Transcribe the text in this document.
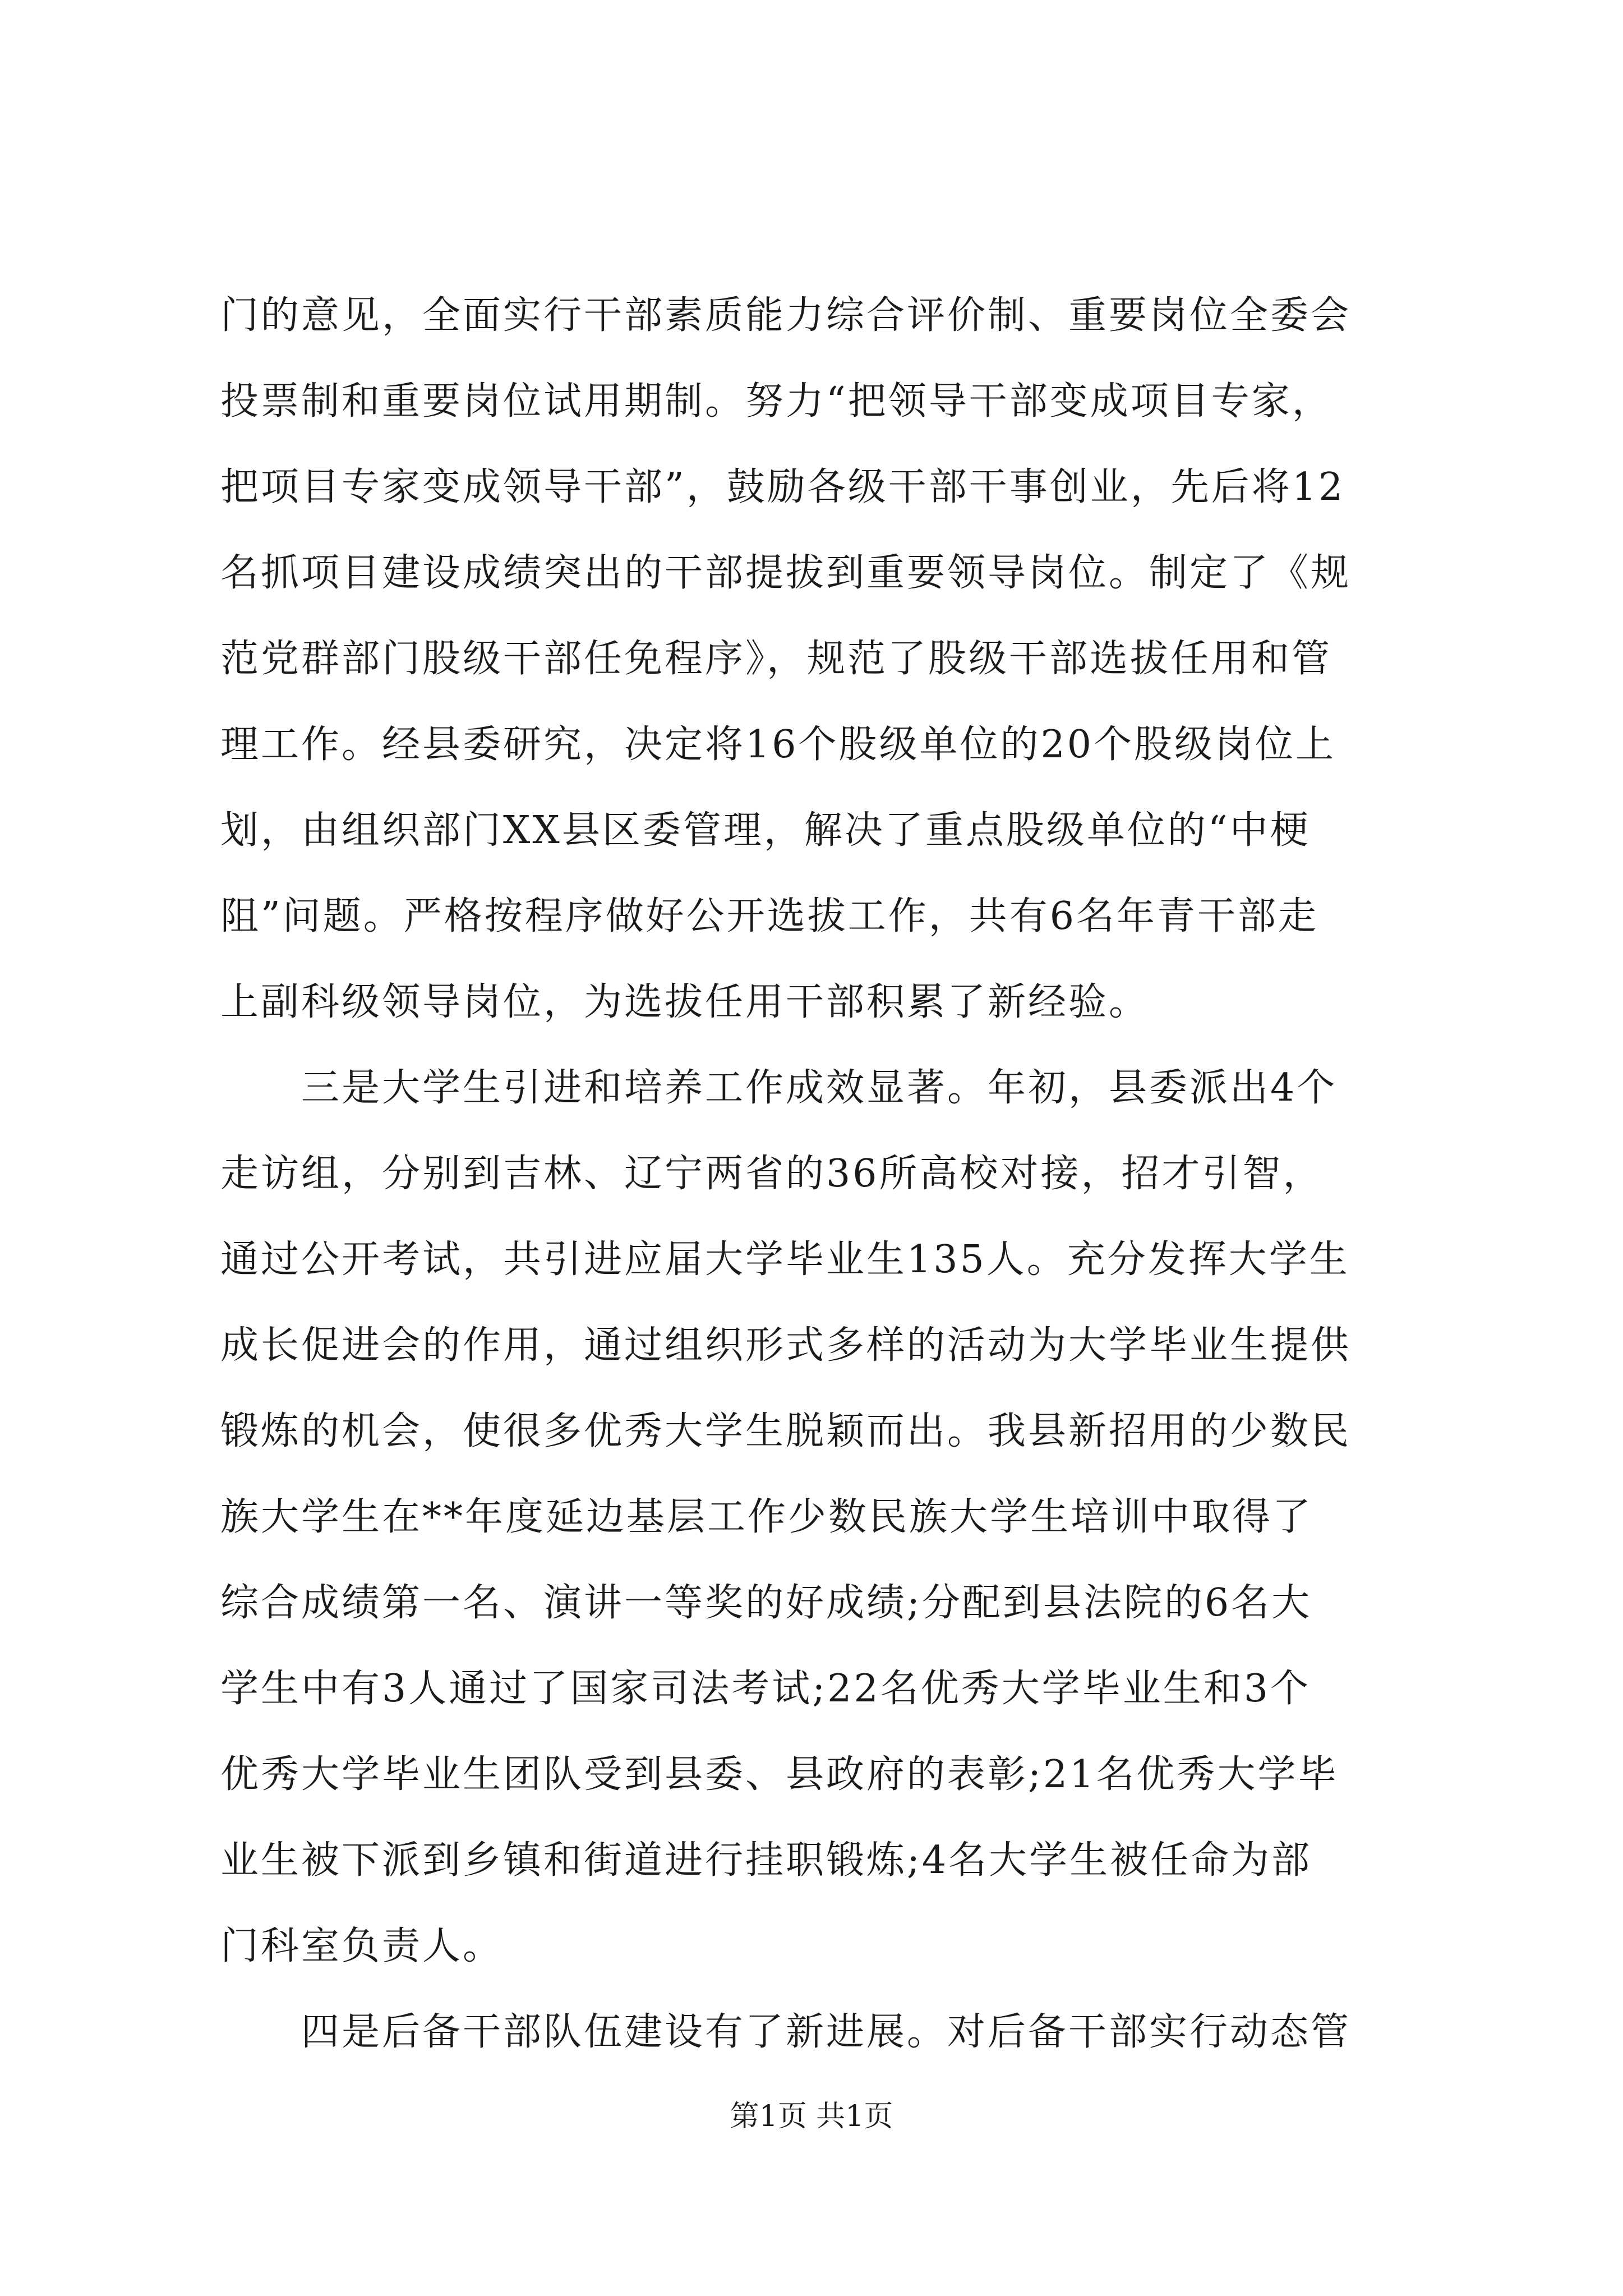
门的意见，全面实行干部素质能力综合评价制、重要岗位全委会
投票制和重要岗位试用期制。努力“把领导干部变成项目专家，
把项目专家变成领导干部”，鼓励各级干部干事创业，先后将12
名抓项目建设成绩突出的干部提拔到重要领导岗位。制定了《规
范党群部门股级干部任免程序》，规范了股级干部选拔任用和管
理工作。经县委研究，决定将16个股级单位的20个股级岗位上
划，由组织部门XX县区委管理，解决了重点股级单位的“中梗
阻”问题。严格按程序做好公开选拔工作，共有6名年青干部走
上副科级领导岗位，为选拔任用干部积累了新经验。
　　三是大学生引进和培养工作成效显著。年初，县委派出4个
走访组，分别到吉林、辽宁两省的36所高校对接，招才引智，
通过公开考试，共引进应届大学毕业生135人。充分发挥大学生
成长促进会的作用，通过组织形式多样的活动为大学毕业生提供
锻炼的机会，使很多优秀大学生脱颖而出。我县新招用的少数民
族大学生在**年度延边基层工作少数民族大学生培训中取得了
综合成绩第一名、演讲一等奖的好成绩;分配到县法院的6名大
学生中有3人通过了国家司法考试;22名优秀大学毕业生和3个
优秀大学毕业生团队受到县委、县政府的表彰;21名优秀大学毕
业生被下派到乡镇和街道进行挂职锻炼;4名大学生被任命为部
门科室负责人。
　　四是后备干部队伍建设有了新进展。对后备干部实行动态管
第1页 共1页
